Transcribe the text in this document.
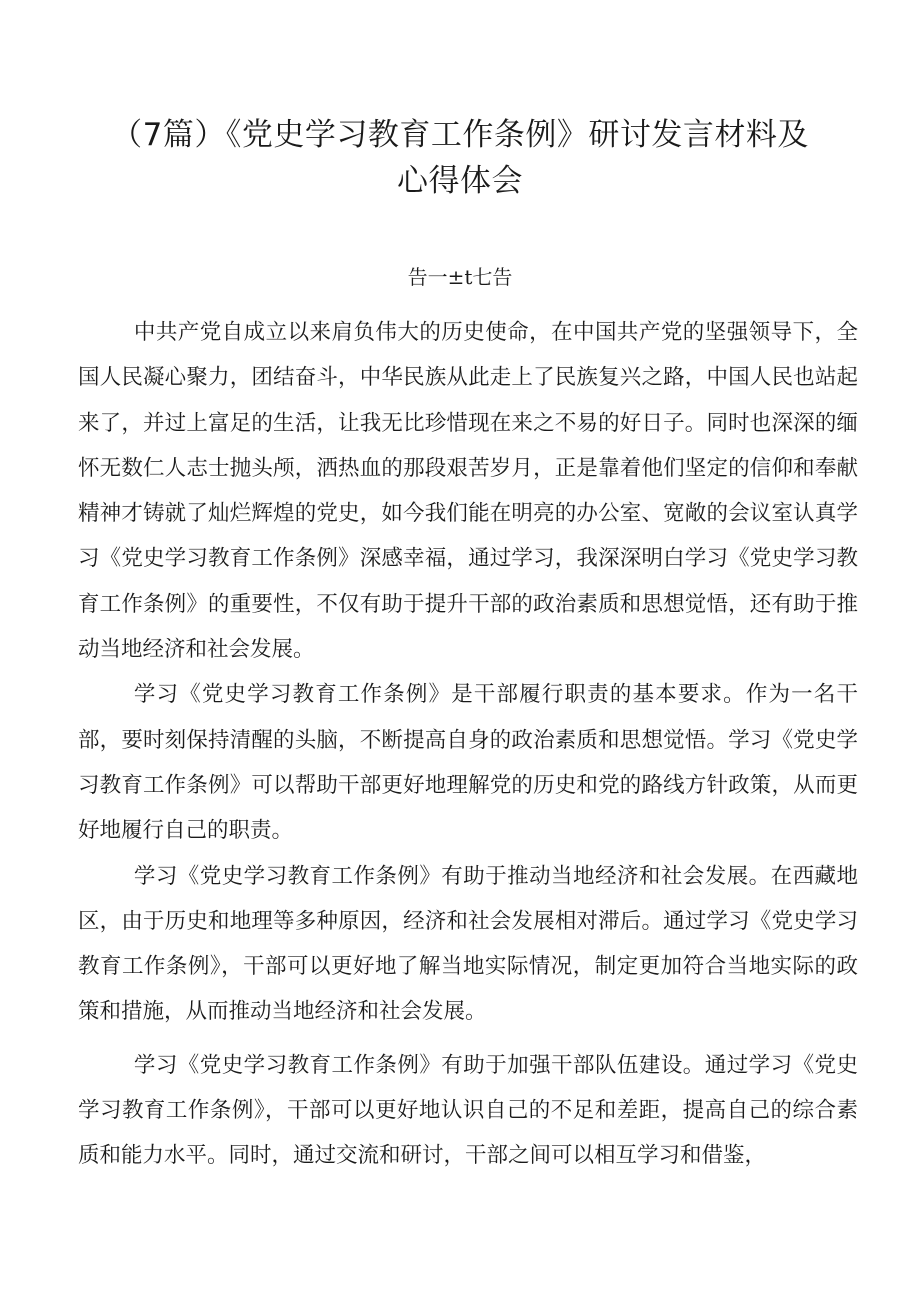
（7篇）《党史学习教育工作条例》研讨发言材料及
心得体会
告一±t七告

中共产党自成立以来肩负伟大的历史使命，在中国共产党的坚强领导下，全国人民凝心聚力，团结奋斗，中华民族从此走上了民族复兴之路，中国人民也站起来了，并过上富足的生活，让我无比珍惜现在来之不易的好日子。同时也深深的缅怀无数仁人志士抛头颅，洒热血的那段艰苦岁月，正是靠着他们坚定的信仰和奉献精神才铸就了灿烂辉煌的党史，如今我们能在明亮的办公室、宽敞的会议室认真学习《党史学习教育工作条例》深感幸福，通过学习，我深深明白学习《党史学习教育工作条例》的重要性，不仅有助于提升干部的政治素质和思想觉悟，还有助于推动当地经济和社会发展。

学习《党史学习教育工作条例》是干部履行职责的基本要求。作为一名干部，要时刻保持清醒的头脑，不断提高自身的政治素质和思想觉悟。学习《党史学习教育工作条例》可以帮助干部更好地理解党的历史和党的路线方针政策，从而更好地履行自己的职责。

学习《党史学习教育工作条例》有助于推动当地经济和社会发展。在西藏地区，由于历史和地理等多种原因，经济和社会发展相对滞后。通过学习《党史学习教育工作条例》，干部可以更好地了解当地实际情况，制定更加符合当地实际的政策和措施，从而推动当地经济和社会发展。

学习《党史学习教育工作条例》有助于加强干部队伍建设。通过学习《党史学习教育工作条例》，干部可以更好地认识自己的不足和差距，提高自己的综合素质和能力水平。同时，通过交流和研讨，干部之间可以相互学习和借鉴，
